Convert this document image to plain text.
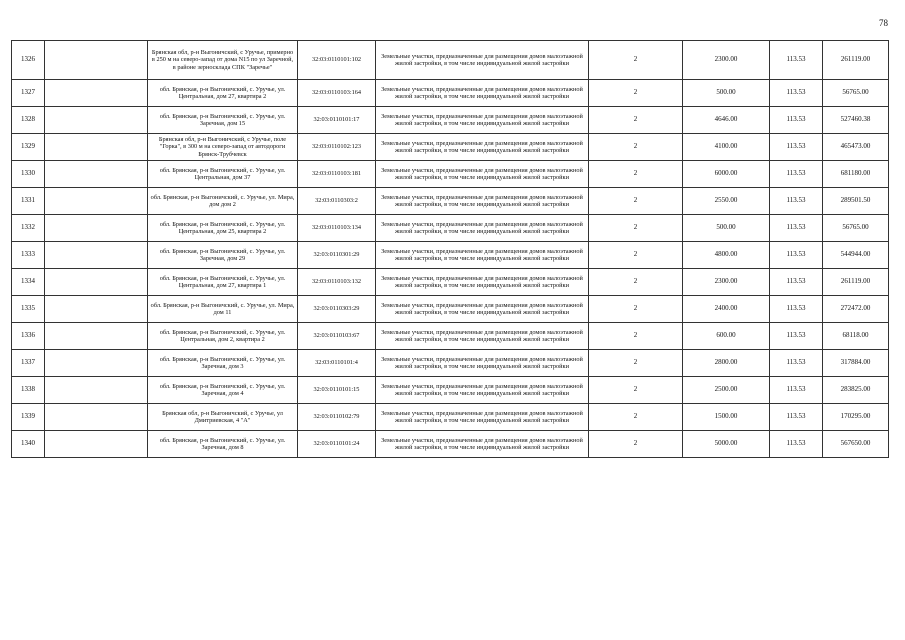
78
1326		Брянская обл, р-н Выгоничский, с Уручье, примерно в 250 м на северо-запад от дома N15 по ул Заречной, в районе зерносклада СПК "Заречье"	32:03:0110101:102	Земельные участки, предназначенные для размещения домов малоэтажной жилой застройки, в том числе индивидуальной жилой застройки	2	2300.00	113.53	261119.00
1327		обл. Брянская, р-н Выгоничский, с. Уручье, ул. Центральная, дом 27, квартира 2	32:03:0110103:164	Земельные участки, предназначенные для размещения домов малоэтажной жилой застройки, в том числе индивидуальной жилой застройки	2	500.00	113.53	56765.00
1328		обл. Брянская, р-н Выгоничский, с. Уручье, ул. Заречная, дом 15	32:03:0110101:17	Земельные участки, предназначенные для размещения домов малоэтажной жилой застройки, в том числе индивидуальной жилой застройки	2	4646.00	113.53	527460.38
1329		Брянская обл, р-н Выгоничский, с Уручье, поле "Горка", в 300 м на северо-запад от автодороги Брянск-Трубчевск	32:03:0110102:123	Земельные участки, предназначенные для размещения домов малоэтажной жилой застройки, в том числе индивидуальной жилой застройки	2	4100.00	113.53	465473.00
1330		обл. Брянская, р-н Выгоничский, с. Уручье, ул. Центральная, дом 37	32:03:0110103:181	Земельные участки, предназначенные для размещения домов малоэтажной жилой застройки, в том числе индивидуальной жилой застройки	2	6000.00	113.53	681180.00
1331		обл. Брянская, р-н Выгоничский, с. Уручье, ул. Мира, дом дом 2	32:03:0110303:2	Земельные участки, предназначенные для размещения домов малоэтажной жилой застройки, в том числе индивидуальной жилой застройки	2	2550.00	113.53	289501.50
1332		обл. Брянская, р-н Выгоничский, с. Уручье, ул. Центральная, дом 25, квартира 2	32:03:0110103:134	Земельные участки, предназначенные для размещения домов малоэтажной жилой застройки, в том числе индивидуальной жилой застройки	2	500.00	113.53	56765.00
1333		обл. Брянская, р-н Выгоничский, с. Уручье, ул. Заречная, дом 29	32:03:0110301:29	Земельные участки, предназначенные для размещения домов малоэтажной жилой застройки, в том числе индивидуальной жилой застройки	2	4800.00	113.53	544944.00
1334		обл. Брянская, р-н Выгоничский, с. Уручье, ул. Центральная, дом 27, квартира 1	32:03:0110103:132	Земельные участки, предназначенные для размещения домов малоэтажной жилой застройки, в том числе индивидуальной жилой застройки	2	2300.00	113.53	261119.00
1335		обл. Брянская, р-н Выгоничский, с. Уручье, ул. Мира, дом 11	32:03:0110303:29	Земельные участки, предназначенные для размещения домов малоэтажной жилой застройки, в том числе индивидуальной жилой застройки	2	2400.00	113.53	272472.00
1336		обл. Брянская, р-н Выгоничский, с. Уручье, ул. Центральная, дом 2, квартира 2	32:03:0110103:67	Земельные участки, предназначенные для размещения домов малоэтажной жилой застройки, в том числе индивидуальной жилой застройки	2	600.00	113.53	68118.00
1337		обл. Брянская, р-н Выгоничский, с. Уручье, ул. Заречная, дом 3	32:03:0110101:4	Земельные участки, предназначенные для размещения домов малоэтажной жилой застройки, в том числе индивидуальной жилой застройки	2	2800.00	113.53	317884.00
1338		обл. Брянская, р-н Выгоничский, с. Уручье, ул. Заречная, дом 4	32:03:0110101:15	Земельные участки, предназначенные для размещения домов малоэтажной жилой застройки, в том числе индивидуальной жилой застройки	2	2500.00	113.53	283825.00
1339		Брянская обл, р-н Выгоничский, с Уручье, ул Дмитриевская, 4 "А"	32:03:0110102:79	Земельные участки, предназначенные для размещения домов малоэтажной жилой застройки, в том числе индивидуальной жилой застройки	2	1500.00	113.53	170295.00
1340		обл. Брянская, р-н Выгоничский, с. Уручье, ул. Заречная, дом 8	32:03:0110101:24	Земельные участки, предназначенные для размещения домов малоэтажной жилой застройки, в том числе индивидуальной жилой застройки	2	5000.00	113.53	567650.00
